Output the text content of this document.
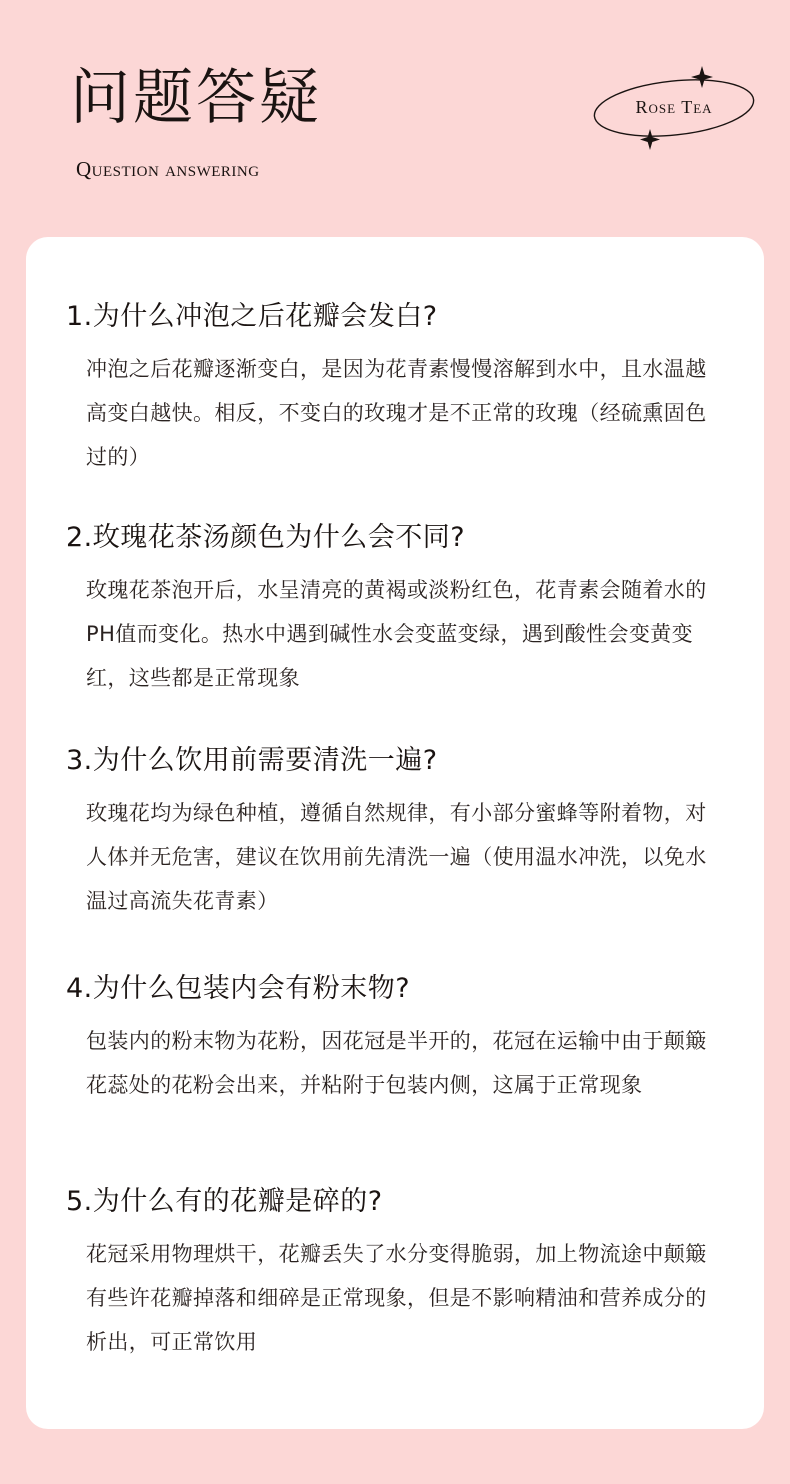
问题答疑

Question answering

Rose Tea
1.为什么冲泡之后花瓣会发白?

冲泡之后花瓣逐渐变白，是因为花青素慢慢溶解到水中，且水温越高变白越快。相反，不变白的玫瑰才是不正常的玫瑰（经硫熏固色过的）

2.玫瑰花茶汤颜色为什么会不同?

玫瑰花茶泡开后，水呈清亮的黄褐或淡粉红色，花青素会随着水的PH值而变化。热水中遇到碱性水会变蓝变绿，遇到酸性会变黄变红，这些都是正常现象

3.为什么饮用前需要清洗一遍?

玫瑰花均为绿色种植，遵循自然规律，有小部分蜜蜂等附着物，对人体并无危害，建议在饮用前先清洗一遍（使用温水冲洗，以免水温过高流失花青素）

4.为什么包装内会有粉末物?

包装内的粉末物为花粉，因花冠是半开的，花冠在运输中由于颠簸花蕊处的花粉会出来，并粘附于包装内侧，这属于正常现象

5.为什么有的花瓣是碎的?

花冠采用物理烘干，花瓣丢失了水分变得脆弱，加上物流途中颠簸有些许花瓣掉落和细碎是正常现象，但是不影响精油和营养成分的析出，可正常饮用
